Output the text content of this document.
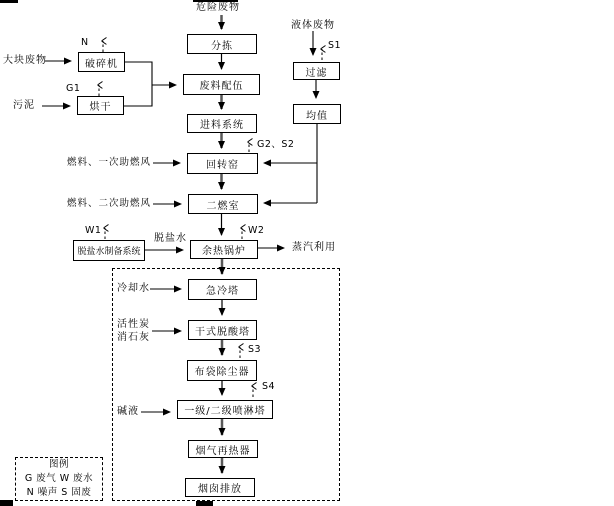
危险废物
液体废物
分拣
废料配伍
进料系统
回转窑
二燃室
余热锅炉
急冷塔
干式脱酸塔
布袋除尘器
一级/二级喷淋塔
烟气再热器
烟囱排放
破碎机
烘干
脱盐水制备系统
过滤
均值
大块废物
污泥
燃料、一次助燃风
燃料、二次助燃风
脱盐水
冷却水
活性炭
消石灰
碱液
蒸汽利用
N
G1
S1
G2、S2
W1	W2
S3
S4
图例
G 废气 W 废水
N 噪声 S 固废
